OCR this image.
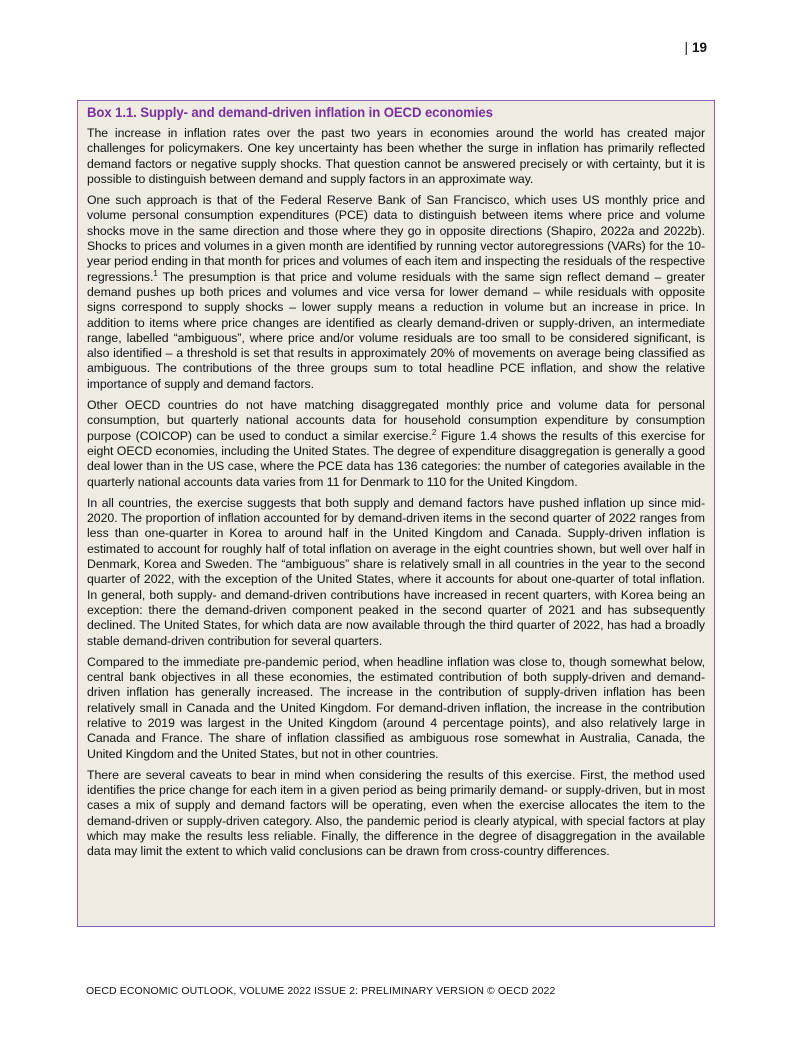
| 19
Box 1.1. Supply- and demand-driven inflation in OECD economies

The increase in inflation rates over the past two years in economies around the world has created major challenges for policymakers. One key uncertainty has been whether the surge in inflation has primarily reflected demand factors or negative supply shocks. That question cannot be answered precisely or with certainty, but it is possible to distinguish between demand and supply factors in an approximate way.

One such approach is that of the Federal Reserve Bank of San Francisco, which uses US monthly price and volume personal consumption expenditures (PCE) data to distinguish between items where price and volume shocks move in the same direction and those where they go in opposite directions (Shapiro, 2022a and 2022b). Shocks to prices and volumes in a given month are identified by running vector autoregressions (VARs) for the 10-year period ending in that month for prices and volumes of each item and inspecting the residuals of the respective regressions.$^1$ The presumption is that price and volume residuals with the same sign reflect demand – greater demand pushes up both prices and volumes and vice versa for lower demand – while residuals with opposite signs correspond to supply shocks – lower supply means a reduction in volume but an increase in price. In addition to items where price changes are identified as clearly demand-driven or supply-driven, an intermediate range, labelled “ambiguous”, where price and/or volume residuals are too small to be considered significant, is also identified – a threshold is set that results in approximately 20% of movements on average being classified as ambiguous. The contributions of the three groups sum to total headline PCE inflation, and show the relative importance of supply and demand factors.

Other OECD countries do not have matching disaggregated monthly price and volume data for personal consumption, but quarterly national accounts data for household consumption expenditure by consumption purpose (COICOP) can be used to conduct a similar exercise.$^2$ Figure 1.4 shows the results of this exercise for eight OECD economies, including the United States. The degree of expenditure disaggregation is generally a good deal lower than in the US case, where the PCE data has 136 categories: the number of categories available in the quarterly national accounts data varies from 11 for Denmark to 110 for the United Kingdom.

In all countries, the exercise suggests that both supply and demand factors have pushed inflation up since mid-2020. The proportion of inflation accounted for by demand-driven items in the second quarter of 2022 ranges from less than one-quarter in Korea to around half in the United Kingdom and Canada. Supply-driven inflation is estimated to account for roughly half of total inflation on average in the eight countries shown, but well over half in Denmark, Korea and Sweden. The “ambiguous” share is relatively small in all countries in the year to the second quarter of 2022, with the exception of the United States, where it accounts for about one-quarter of total inflation. In general, both supply- and demand-driven contributions have increased in recent quarters, with Korea being an exception: there the demand-driven component peaked in the second quarter of 2021 and has subsequently declined. The United States, for which data are now available through the third quarter of 2022, has had a broadly stable demand-driven contribution for several quarters.

Compared to the immediate pre-pandemic period, when headline inflation was close to, though somewhat below, central bank objectives in all these economies, the estimated contribution of both supply-driven and demand-driven inflation has generally increased. The increase in the contribution of supply-driven inflation has been relatively small in Canada and the United Kingdom. For demand-driven inflation, the increase in the contribution relative to 2019 was largest in the United Kingdom (around 4 percentage points), and also relatively large in Canada and France. The share of inflation classified as ambiguous rose somewhat in Australia, Canada, the United Kingdom and the United States, but not in other countries.

There are several caveats to bear in mind when considering the results of this exercise. First, the method used identifies the price change for each item in a given period as being primarily demand- or supply-driven, but in most cases a mix of supply and demand factors will be operating, even when the exercise allocates the item to the demand-driven or supply-driven category. Also, the pandemic period is clearly atypical, with special factors at play which may make the results less reliable. Finally, the difference in the degree of disaggregation in the available data may limit the extent to which valid conclusions can be drawn from cross-country differences.

OECD ECONOMIC OUTLOOK, VOLUME 2022 ISSUE 2: PRELIMINARY VERSION © OECD 2022
